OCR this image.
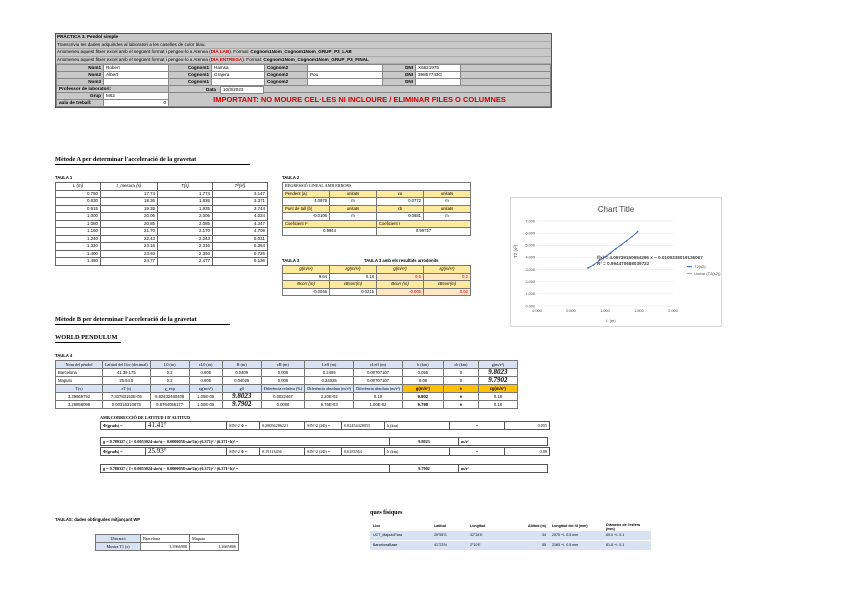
PRÀCTICA 3. Pendol simple
Transcriviu les dades adquirides al laboratori a les caselles de color blau.
Anomeneu aquest fitxer excel amb el següent format i pengeu-lo a Atenea (DIA LAB). Format: Cognom1Nom_Cognom1Nom_GRUP_P3_LAB
Anomeneu aquest fitxer excel amb el següent format i pengeu-lo a Atenea (DIA ENTREGA). Format: Cognom1Nom_Cognom1Nom_GRUP_P3_FINAL
Nom1	Robert	Cognom1	Hamsa	Cognom2		DNI	X6621975	
Nom2	Albert	Cognom1	Grajera	Cognom2	Pou	DNI	39857743G	
Nom3		Cognom1		Cognom2		DNI		
Professor de laboratori:								
Grup	M62	IMPORTANT: NO MOURE CEL·LES NI INCLOURE / ELIMINAR FILES O COLUMNES						
aula de treball:	0							
Data	10/3/2023
Mètode A per determinar l'acceleració de la gravetat
TAULA 1
L (m)	t_mesura (s)	T(s)	T²(s²)
0.750	17.74	1.774	3.147
0.830	18.36	1.836	3.371
0.915	19.35	1.935	3.744
1.000	20.06	2.006	4.024
1.080	20.85	2.085	4.347
1.160	21.70	2.170	4.709
1.240	22.43	2.243	5.031
1.320	23.16	2.316	5.364
1.400	23.93	2.393	5.726
1.480	24.77	2.477	6.136
TAULA 2
REGRESSIÓ LINEAL AMB ERRORS			
Pendent (a)	unitats	εa	unitats
4.0978	m	0.0772	m
Punt de tall (b)	unitats	εb	unitats
-0.0108	m	0.0881	m
Coeficient r²		Coeficient r	
0.9944		0.99717	
TAULA 3	TAULA 3 amb els resultats arrodonits
g(m/s²)	εg(m/s²)	g(m/s²)	εg(m/s²)
9.64	0.18	9.6	0.2
Bcorr (m)	εBcorr(m)	Bcorr (m)	εBcorr(m)
-0.0046	0.0215	-0.005	0.02
Chart Title
T2 (s²)
L (m)
7.000
6.000
5.000
4.000
3.000
2.000
1.000
0.000
0.000	0.500	1.000	1.500	2.000
f(x) = 4.09739150954296 x − 0.0108338019136067
R² = 0.994470688039722
T2(s2)
Linear (T2(s2))
Mètode B per determinar l'acceleració de la gravetat
WORLD PENDULUM
TAULA 4
Nom del pèndol	Latitud del lloc (decimal)	L0 (m)	εL0 (m)	R (m)	εR (m)	Leff (m)	εLeff (m)	h (km)	εh (km)	g(m/s²)
Barcelona	41.39.175	0.2	0.005	0.0409	0.005	0.2409	0.00707107	0.055	0	9.8023
Maputo	25.54.5	0.2	0.005	0.04025	0.005	0.24025	0.00707107	0.08	0	9.7902
T(s)	εT (s)	g_exp	εg(m/s²)	g0	Diferència relativa (%)	Diferència absoluta (m/s²)	Diferència absoluta (m/s²)	g(m/s²)	±	εg(m/s²)
3.39669792	7.33783153E-05	9.82432460406	1.05E-05	9.8023	0.0022467	2.20E-02	0.18	9.802	±	0.18
3.26858096	0.00316310875	9.8764056177	1.00E-05	9.7902	0.0008	9.76E-03	1.00E-02	9.790	±	0.18
AMB CORRECCIÓ DE LATITUD I D'ALTITUD
Φ(grads) =	41.41°	SIN^2 Φ =	0.28056286221	SIN^2 (2Φ) =	0.82454428055	h (km)	=	0.055
g = 9.780327 ( 1+ 0.0053024·sin²ϕ − 0.0000058·sin²2ϕ)·(6.371)² / (6.371+h)² =	9.8023	m/s²
Φ(grads) =	25.93°	SIN^2 Φ =	0.19113456	SIN^2 (2Φ) =	0.6183564	h (km)	=	0.08
g = 9.780327 ( 1+ 0.0053024·sin²ϕ − 0.0000058·sin²2ϕ)·(6.371)² / (6.371+h)² =	9.7902	m/s²
TAULAS: dades obtingudes mitjançant WP
Ubicació	Barcelona	Maputo
Mostra T1 (s)	3.3966988	3.2685806
ques físiques
Lloc	Latitud	Longitud	Altitud (m)	Longitud del fil (mm)	Diàmetre de l'esfera (mm)
UCT_MaputoPara	25°55'S	32°34'E	34	2075 +/- 0.5 mm	69.0 +/- 0.1
BarcelonaBase	41°23'N	2°10'E	55	2165 +/- 0.5 mm	81.8 +/- 0.1
